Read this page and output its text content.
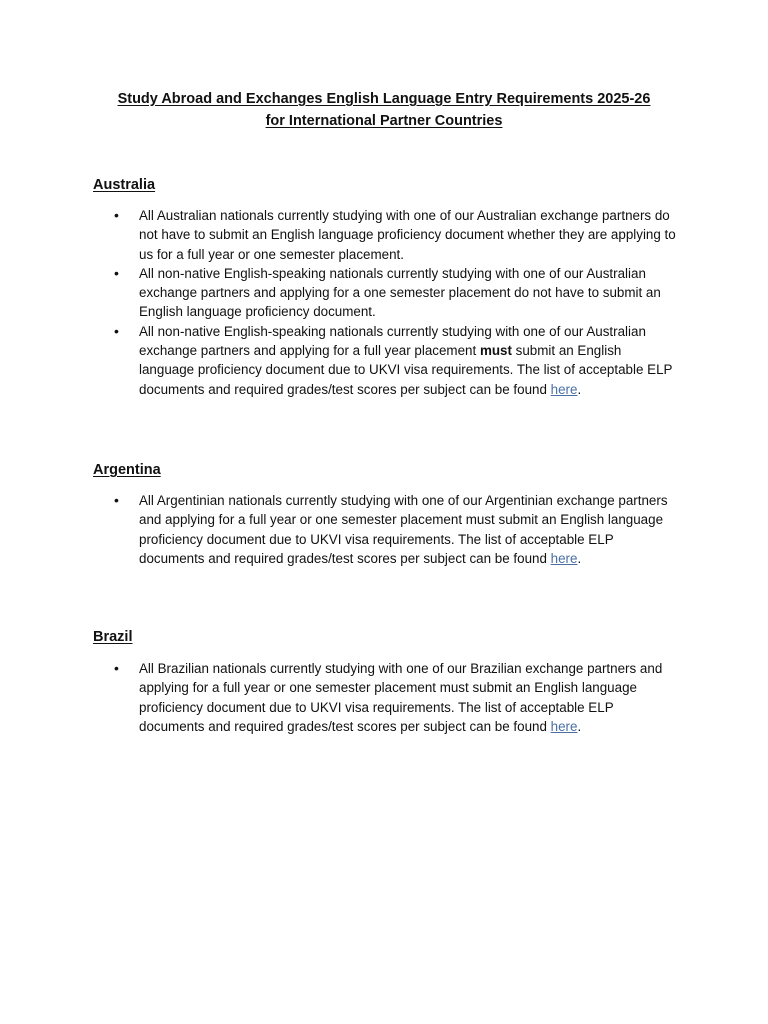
Study Abroad and Exchanges English Language Entry Requirements 2025-26
for International Partner Countries
Australia
• All Australian nationals currently studying with one of our Australian exchange partners do not have to submit an English language proficiency document whether they are applying to us for a full year or one semester placement.
• All non-native English-speaking nationals currently studying with one of our Australian exchange partners and applying for a one semester placement do not have to submit an English language proficiency document.
• All non-native English-speaking nationals currently studying with one of our Australian exchange partners and applying for a full year placement must submit an English language proficiency document due to UKVI visa requirements. The list of acceptable ELP documents and required grades/test scores per subject can be found here.
Argentina
• All Argentinian nationals currently studying with one of our Argentinian exchange partners and applying for a full year or one semester placement must submit an English language proficiency document due to UKVI visa requirements. The list of acceptable ELP documents and required grades/test scores per subject can be found here.
Brazil
• All Brazilian nationals currently studying with one of our Brazilian exchange partners and applying for a full year or one semester placement must submit an English language proficiency document due to UKVI visa requirements. The list of acceptable ELP documents and required grades/test scores per subject can be found here.
